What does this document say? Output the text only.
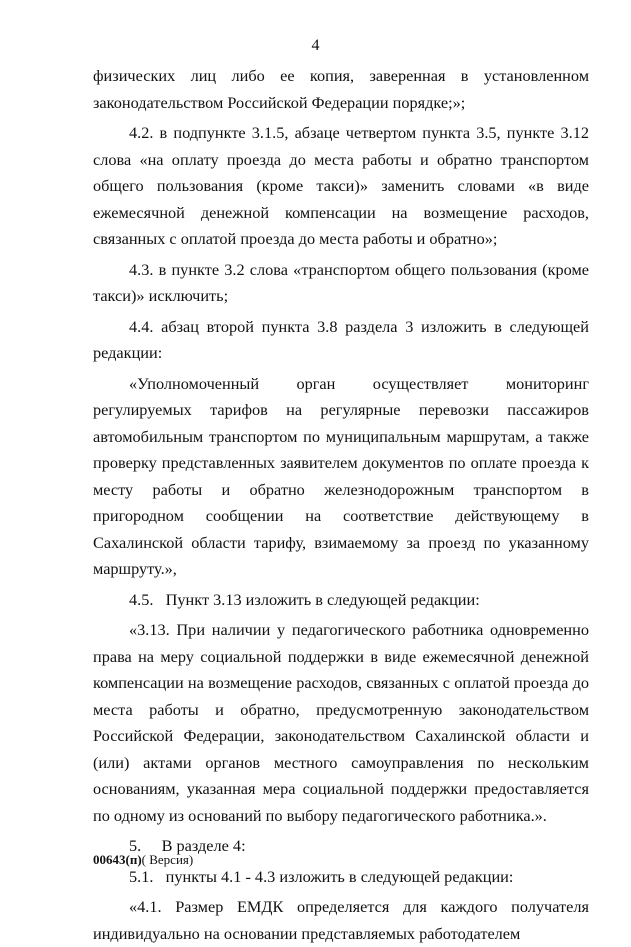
4

физических лиц либо ее копия, заверенная в установленном законодательством Российской Федерации порядке;»;

4.2. в подпункте 3.1.5, абзаце четвертом пункта 3.5, пункте 3.12 слова «на оплату проезда до места работы и обратно транспортом общего пользования (кроме такси)» заменить словами «в виде ежемесячной денежной компенсации на возмещение расходов, связанных с оплатой проезда до места работы и обратно»;

4.3. в пункте 3.2 слова «транспортом общего пользования (кроме такси)» исключить;

4.4. абзац второй пункта 3.8 раздела 3 изложить в следующей редакции:

«Уполномоченный орган осуществляет мониторинг регулируемых тарифов на регулярные перевозки пассажиров автомобильным транспортом по муниципальным маршрутам, а также проверку представленных заявителем документов по оплате проезда к месту работы и обратно железнодорожным транспортом в пригородном сообщении на соответствие действующему в Сахалинской области тарифу, взимаемому за проезд по указанному маршруту.»,

4.5.   Пункт 3.13 изложить в следующей редакции:

«3.13. При наличии у педагогического работника одновременно права на меру социальной поддержки в виде ежемесячной денежной компенсации на возмещение расходов, связанных с оплатой проезда до места работы и обратно, предусмотренную законодательством Российской Федерации, законодательством Сахалинской области и (или) актами органов местного самоуправления по нескольким основаниям, указанная мера социальной поддержки предоставляется по одному из оснований по выбору педагогического работника.».

5.     В разделе 4:

5.1.   пункты 4.1 - 4.3 изложить в следующей редакции:

«4.1. Размер ЕМДК определяется для каждого получателя индивидуально на основании представляемых работодателем

00643(п)( Версия)
